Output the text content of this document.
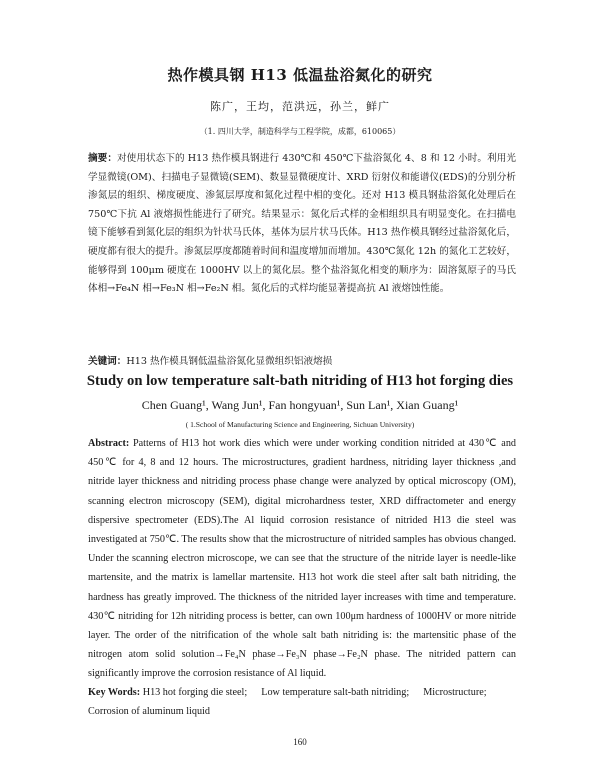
热作模具钢 H13 低温盐浴氮化的研究
陈广，王均，范洪远，孙兰，鲜广
（1. 四川大学，制造科学与工程学院，成都，610065）
摘要：对使用状态下的 H13 热作模具钢进行 430℃和 450℃下盐浴氮化 4、8 和 12 小时。利用光学显微镜(OM)、扫描电子显微镜(SEM)、数显显微硬度计、XRD 衍射仪和能谱仪(EDS)的分别分析渗氮层的组织、梯度硬度、渗氮层厚度和氮化过程中相的变化。还对 H13 模具钢盐浴氮化处理后在 750℃下抗 Al 液熔损性能进行了研究。结果显示：氮化后式样的金相组织具有明显变化。在扫描电镜下能够看到氮化层的组织为针状马氏体，基体为层片状马氏体。H13 热作模具钢经过盐浴氮化后，硬度都有很大的提升。渗氮层厚度都随着时间和温度增加而增加。430℃氮化 12h 的氮化工艺较好，能够得到 100μm 硬度在 1000HV 以上的氮化层。整个盐浴氮化相变的顺序为：固溶氮原子的马氏体相→Fe₄N 相→Fe₃N 相→Fe₂N 相。氮化后的式样均能显著提高抗 Al 液熔蚀性能。
关键词：H13 热作模具钢低温盐浴氮化显微组织铝液熔损
Study on low temperature salt-bath nitriding of H13 hot forging dies
Chen Guang¹, Wang Jun¹, Fan hongyuan¹, Sun Lan¹, Xian Guang¹
( 1.School of Manufacturing Science and Engineering, Sichuan University)
Abstract: Patterns of H13 hot work dies which were under working condition nitrided at 430℃ and 450℃ for 4, 8 and 12 hours. The microstructures, gradient hardness, nitriding layer thickness ,and nitride layer thickness and nitriding process phase change were analyzed by optical microscopy (OM), scanning electron microscopy (SEM), digital microhardness tester, XRD diffractometer and energy dispersive spectrometer (EDS).The Al liquid corrosion resistance of nitrided H13 die steel was investigated at 750℃. The results show that the microstructure of nitrided samples has obvious changed. Under the scanning electron microscope, we can see that the structure of the nitride layer is needle-like martensite, and the matrix is lamellar martensite. H13 hot work die steel after salt bath nitriding, the hardness has greatly improved. The thickness of the nitrided layer increases with time and temperature. 430℃ nitriding for 12h nitriding process is better, can own 100μm hardness of 1000HV or more nitride layer. The order of the nitrification of the whole salt bath nitriding is: the martensitic phase of the nitrogen atom solid solution→Fe₄N phase→Fe₃N phase→Fe₂N phase. The nitrided pattern can significantly improve the corrosion resistance of Al liquid.
Key Words: H13 hot forging die steel; Low temperature salt-bath nitriding; Microstructure;
Corrosion of aluminum liquid
160
